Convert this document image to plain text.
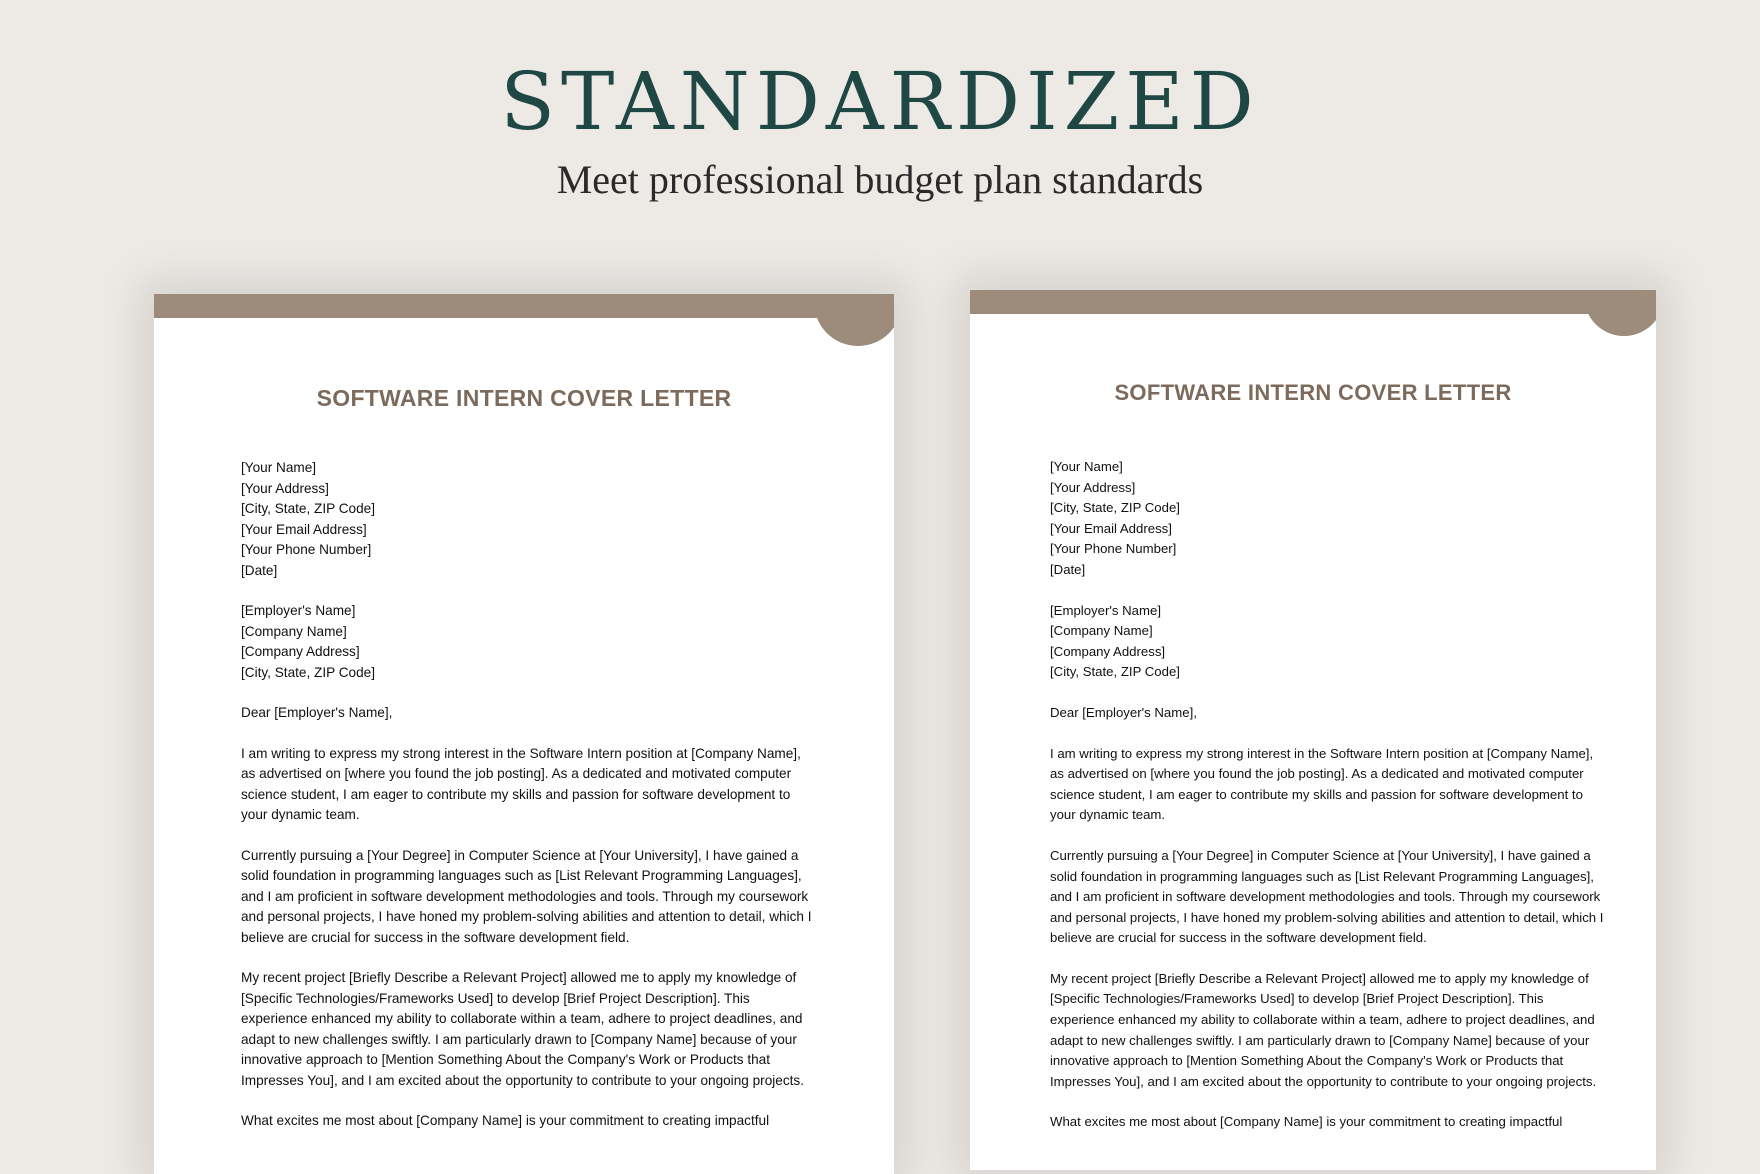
STANDARDIZED
Meet professional budget plan standards
SOFTWARE INTERN COVER LETTER
[Your Name]
[Your Address]
[City, State, ZIP Code]
[Your Email Address]
[Your Phone Number]
[Date]
[Employer's Name]
[Company Name]
[Company Address]
[City, State, ZIP Code]
Dear [Employer's Name],
I am writing to express my strong interest in the Software Intern position at [Company Name],
as advertised on [where you found the job posting]. As a dedicated and motivated computer
science student, I am eager to contribute my skills and passion for software development to
your dynamic team.
Currently pursuing a [Your Degree] in Computer Science at [Your University], I have gained a
solid foundation in programming languages such as [List Relevant Programming Languages],
and I am proficient in software development methodologies and tools. Through my coursework
and personal projects, I have honed my problem-solving abilities and attention to detail, which I
believe are crucial for success in the software development field.
My recent project [Briefly Describe a Relevant Project] allowed me to apply my knowledge of
[Specific Technologies/Frameworks Used] to develop [Brief Project Description]. This
experience enhanced my ability to collaborate within a team, adhere to project deadlines, and
adapt to new challenges swiftly. I am particularly drawn to [Company Name] because of your
innovative approach to [Mention Something About the Company's Work or Products that
Impresses You], and I am excited about the opportunity to contribute to your ongoing projects.
What excites me most about [Company Name] is your commitment to creating impactful
SOFTWARE INTERN COVER LETTER
[Your Name]
[Your Address]
[City, State, ZIP Code]
[Your Email Address]
[Your Phone Number]
[Date]
[Employer's Name]
[Company Name]
[Company Address]
[City, State, ZIP Code]
Dear [Employer's Name],
I am writing to express my strong interest in the Software Intern position at [Company Name],
as advertised on [where you found the job posting]. As a dedicated and motivated computer
science student, I am eager to contribute my skills and passion for software development to
your dynamic team.
Currently pursuing a [Your Degree] in Computer Science at [Your University], I have gained a
solid foundation in programming languages such as [List Relevant Programming Languages],
and I am proficient in software development methodologies and tools. Through my coursework
and personal projects, I have honed my problem-solving abilities and attention to detail, which I
believe are crucial for success in the software development field.
My recent project [Briefly Describe a Relevant Project] allowed me to apply my knowledge of
[Specific Technologies/Frameworks Used] to develop [Brief Project Description]. This
experience enhanced my ability to collaborate within a team, adhere to project deadlines, and
adapt to new challenges swiftly. I am particularly drawn to [Company Name] because of your
innovative approach to [Mention Something About the Company's Work or Products that
Impresses You], and I am excited about the opportunity to contribute to your ongoing projects.
What excites me most about [Company Name] is your commitment to creating impactful
